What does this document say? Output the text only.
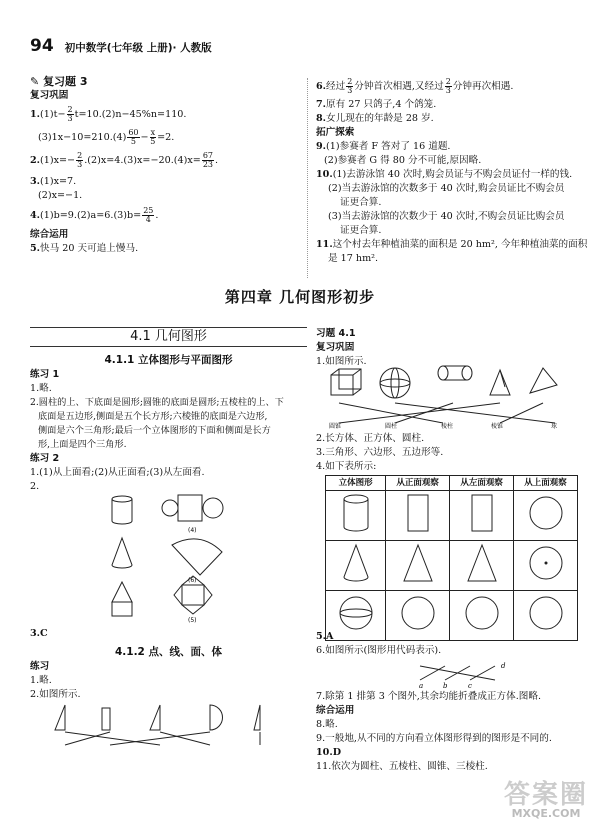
94 初中数学(七年级 上册)· 人教版

✎ 复习题 3

复习巩固

$1.(1)t- \frac{2}{3} t=10.(2)n-45\%n=110$.

$(3)1x-10=210.(4) \frac{60}{5} - \frac{x}{5} =2$.

$2.(1)x=- \frac{2}{3} .(2)x=4.(3)x=-20.(4)x= \frac{67}{23}$ .

3.(1)x=7.

(2)x=−1.

$4.(1)b=9.(2)a=6.(3)b= \frac{25}{4}$ .

综合运用

5.快马 20 天可追上慢马.

6.经过 $\frac{2}{3}$ 分钟首次相遇,又经过 $\frac{2}{3}$ 分钟再次相遇.

7.原有 27 只鸽子,4 个鸽笼.

8.女儿现在的年龄是 28 岁.

拓广探索

9.(1)参赛者 F 答对了 16 道题.

(2)参赛者 G 得 80 分不可能,原因略.

10.(1)去游泳馆 40 次时,购会员证与不购会员证付一样的钱.

(2)当去游泳馆的次数多于 40 次时,购会员证比不购会员

证更合算.

(3)当去游泳馆的次数少于 40 次时,不购会员证比购会员

证更合算.

11.这个村去年种植油菜的面积是 20 hm², 今年种植油菜的面积

是 17 hm².

第四章 几何图形初步
4.1 几何图形
4.1.1 立体图形与平面图形

练习 1

1.略.

2.圆柱的上、下底面是圆形;圆锥的底面是圆形;五棱柱的上、下

底面是五边形,侧面是五个长方形;六棱锥的底面是六边形,

侧面是六个三角形;最后一个立体图形的下面和侧面是长方

形,上面是四个三角形.

练习 2

1.(1)从上面看;(2)从正面看;(3)从左面看.

2.

(4)
(6)
(5)

3.C

4.1.2 点、线、面、体

练习

1.略.

2.如图所示.

习题 4.1

复习巩固

1.如图所示.

圆锥	圆柱	棱柱	棱锥	球

2.长方体、正方体、圆柱.

3.三角形、六边形、五边形等.

4.如下表所示:

立体图形	从正面观察	从左面观察	从上面观察

5.A

6.如图所示(图形用代码表示).

a	b	c
d

7.除第 1 排第 3 个图外,其余均能折叠成正方体.图略.

综合运用

8.略.

9.一般地,从不同的方向看立体图形得到的图形是不同的.

10.D

11.依次为圆柱、五棱柱、圆锥、三棱柱.

答案圈
MXQE.COM
